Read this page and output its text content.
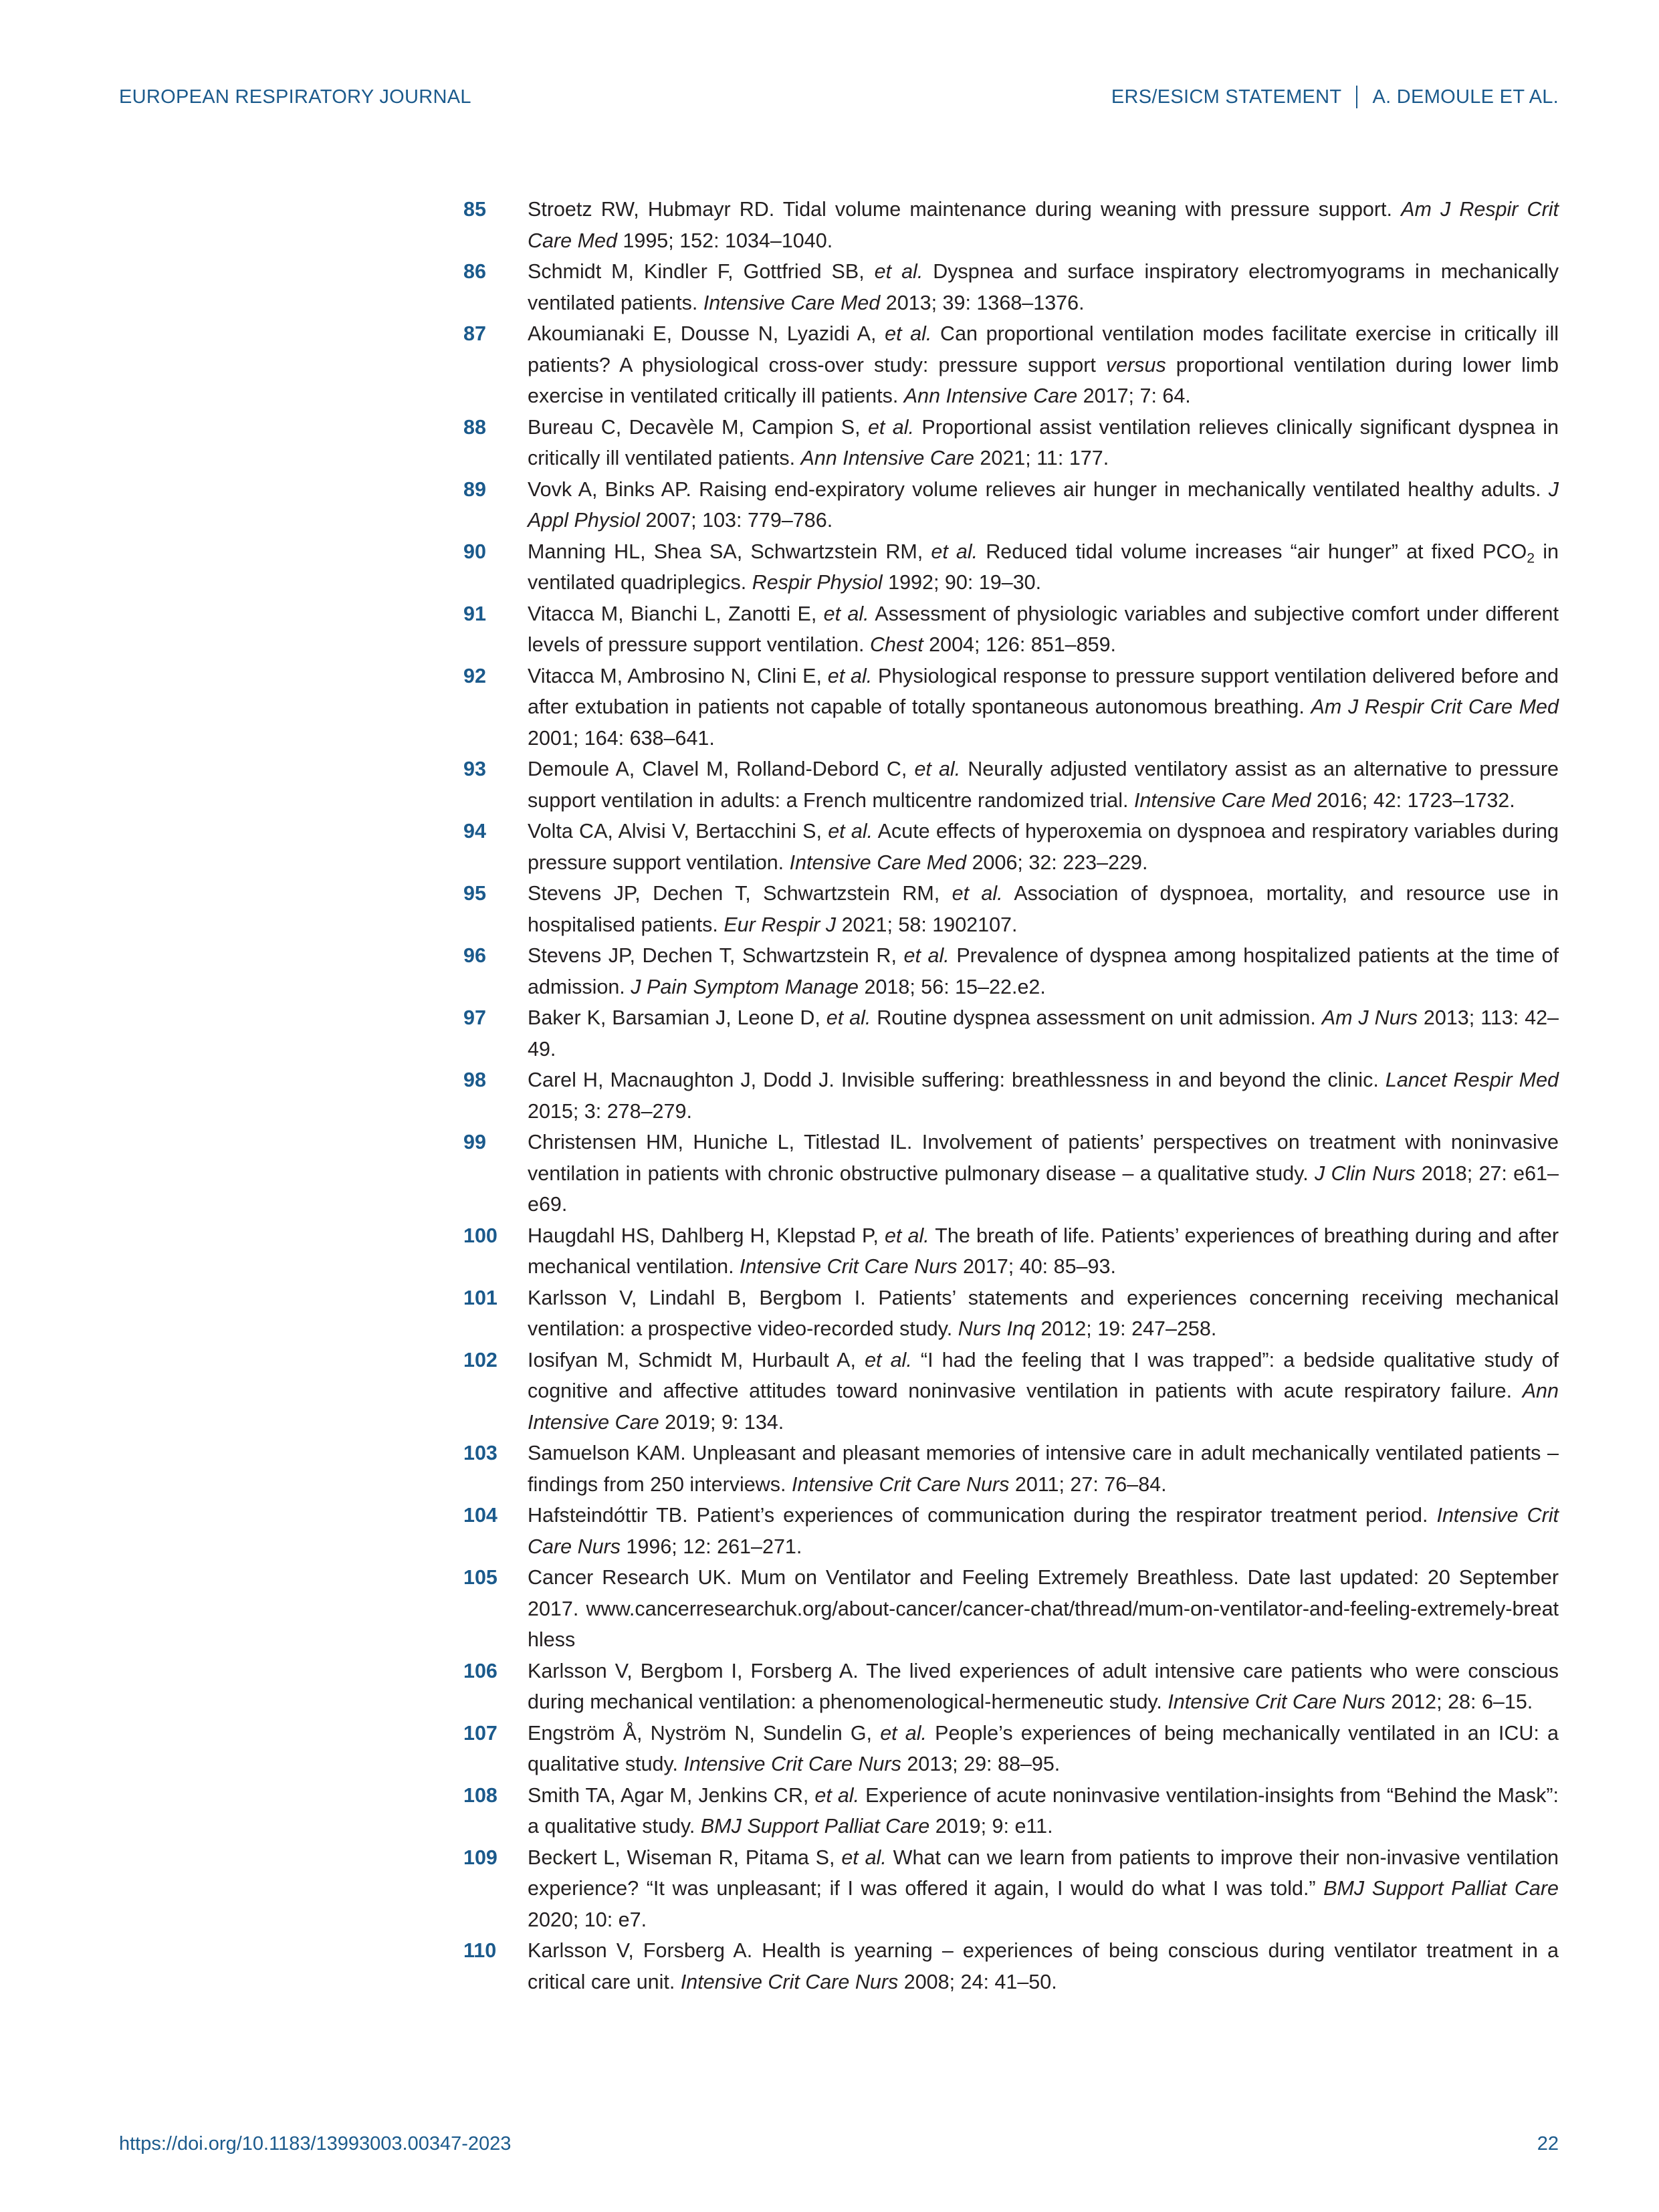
EUROPEAN RESPIRATORY JOURNAL	ERS/ESICM STATEMENT A. DEMOULE ET AL.
85	Stroetz RW, Hubmayr RD. Tidal volume maintenance during weaning with pressure support. Am J Respir Crit Care Med 1995; 152: 1034–1040.
86	Schmidt M, Kindler F, Gottfried SB, et al. Dyspnea and surface inspiratory electromyograms in mechanically ventilated patients. Intensive Care Med 2013; 39: 1368–1376.
87	Akoumianaki E, Dousse N, Lyazidi A, et al. Can proportional ventilation modes facilitate exercise in critically ill patients? A physiological cross-over study: pressure support versus proportional ventilation during lower limb exercise in ventilated critically ill patients. Ann Intensive Care 2017; 7: 64.
88	Bureau C, Decavèle M, Campion S, et al. Proportional assist ventilation relieves clinically significant dyspnea in critically ill ventilated patients. Ann Intensive Care 2021; 11: 177.
89	Vovk A, Binks AP. Raising end-expiratory volume relieves air hunger in mechanically ventilated healthy adults. J Appl Physiol 2007; 103: 779–786.
90	Manning HL, Shea SA, Schwartzstein RM, et al. Reduced tidal volume increases “air hunger” at fixed $PCO_2$ in ventilated quadriplegics. Respir Physiol 1992; 90: 19–30.
91	Vitacca M, Bianchi L, Zanotti E, et al. Assessment of physiologic variables and subjective comfort under different levels of pressure support ventilation. Chest 2004; 126: 851–859.
92	Vitacca M, Ambrosino N, Clini E, et al. Physiological response to pressure support ventilation delivered before and after extubation in patients not capable of totally spontaneous autonomous breathing. Am J Respir Crit Care Med 2001; 164: 638–641.
93	Demoule A, Clavel M, Rolland-Debord C, et al. Neurally adjusted ventilatory assist as an alternative to pressure support ventilation in adults: a French multicentre randomized trial. Intensive Care Med 2016; 42: 1723–1732.
94	Volta CA, Alvisi V, Bertacchini S, et al. Acute effects of hyperoxemia on dyspnoea and respiratory variables during pressure support ventilation. Intensive Care Med 2006; 32: 223–229.
95	Stevens JP, Dechen T, Schwartzstein RM, et al. Association of dyspnoea, mortality, and resource use in hospitalised patients. Eur Respir J 2021; 58: 1902107.
96	Stevens JP, Dechen T, Schwartzstein R, et al. Prevalence of dyspnea among hospitalized patients at the time of admission. J Pain Symptom Manage 2018; 56: 15–22.e2.
97	Baker K, Barsamian J, Leone D, et al. Routine dyspnea assessment on unit admission. Am J Nurs 2013; 113: 42–49.
98	Carel H, Macnaughton J, Dodd J. Invisible suffering: breathlessness in and beyond the clinic. Lancet Respir Med 2015; 3: 278–279.
99	Christensen HM, Huniche L, Titlestad IL. Involvement of patients’ perspectives on treatment with noninvasive ventilation in patients with chronic obstructive pulmonary disease – a qualitative study. J Clin Nurs 2018; 27: e61–e69.
100	Haugdahl HS, Dahlberg H, Klepstad P, et al. The breath of life. Patients’ experiences of breathing during and after mechanical ventilation. Intensive Crit Care Nurs 2017; 40: 85–93.
101	Karlsson V, Lindahl B, Bergbom I. Patients’ statements and experiences concerning receiving mechanical ventilation: a prospective video-recorded study. Nurs Inq 2012; 19: 247–258.
102	Iosifyan M, Schmidt M, Hurbault A, et al. “I had the feeling that I was trapped”: a bedside qualitative study of cognitive and affective attitudes toward noninvasive ventilation in patients with acute respiratory failure. Ann Intensive Care 2019; 9: 134.
103	Samuelson KAM. Unpleasant and pleasant memories of intensive care in adult mechanically ventilated patients – findings from 250 interviews. Intensive Crit Care Nurs 2011; 27: 76–84.
104	Hafsteindóttir TB. Patient’s experiences of communication during the respirator treatment period. Intensive Crit Care Nurs 1996; 12: 261–271.
105	Cancer Research UK. Mum on Ventilator and Feeling Extremely Breathless. Date last updated: 20 September 2017. www.cancerresearchuk.org/about-cancer/cancer-chat/thread/mum-on-ventilator-and-feeling-extremely-breathless
106	Karlsson V, Bergbom I, Forsberg A. The lived experiences of adult intensive care patients who were conscious during mechanical ventilation: a phenomenological-hermeneutic study. Intensive Crit Care Nurs 2012; 28: 6–15.
107	Engström Å, Nyström N, Sundelin G, et al. People’s experiences of being mechanically ventilated in an ICU: a qualitative study. Intensive Crit Care Nurs 2013; 29: 88–95.
108	Smith TA, Agar M, Jenkins CR, et al. Experience of acute noninvasive ventilation-insights from “Behind the Mask”: a qualitative study. BMJ Support Palliat Care 2019; 9: e11.
109	Beckert L, Wiseman R, Pitama S, et al. What can we learn from patients to improve their non-invasive ventilation experience? “It was unpleasant; if I was offered it again, I would do what I was told.” BMJ Support Palliat Care 2020; 10: e7.
110	Karlsson V, Forsberg A. Health is yearning – experiences of being conscious during ventilator treatment in a critical care unit. Intensive Crit Care Nurs 2008; 24: 41–50.
https://doi.org/10.1183/13993003.00347-2023	22
